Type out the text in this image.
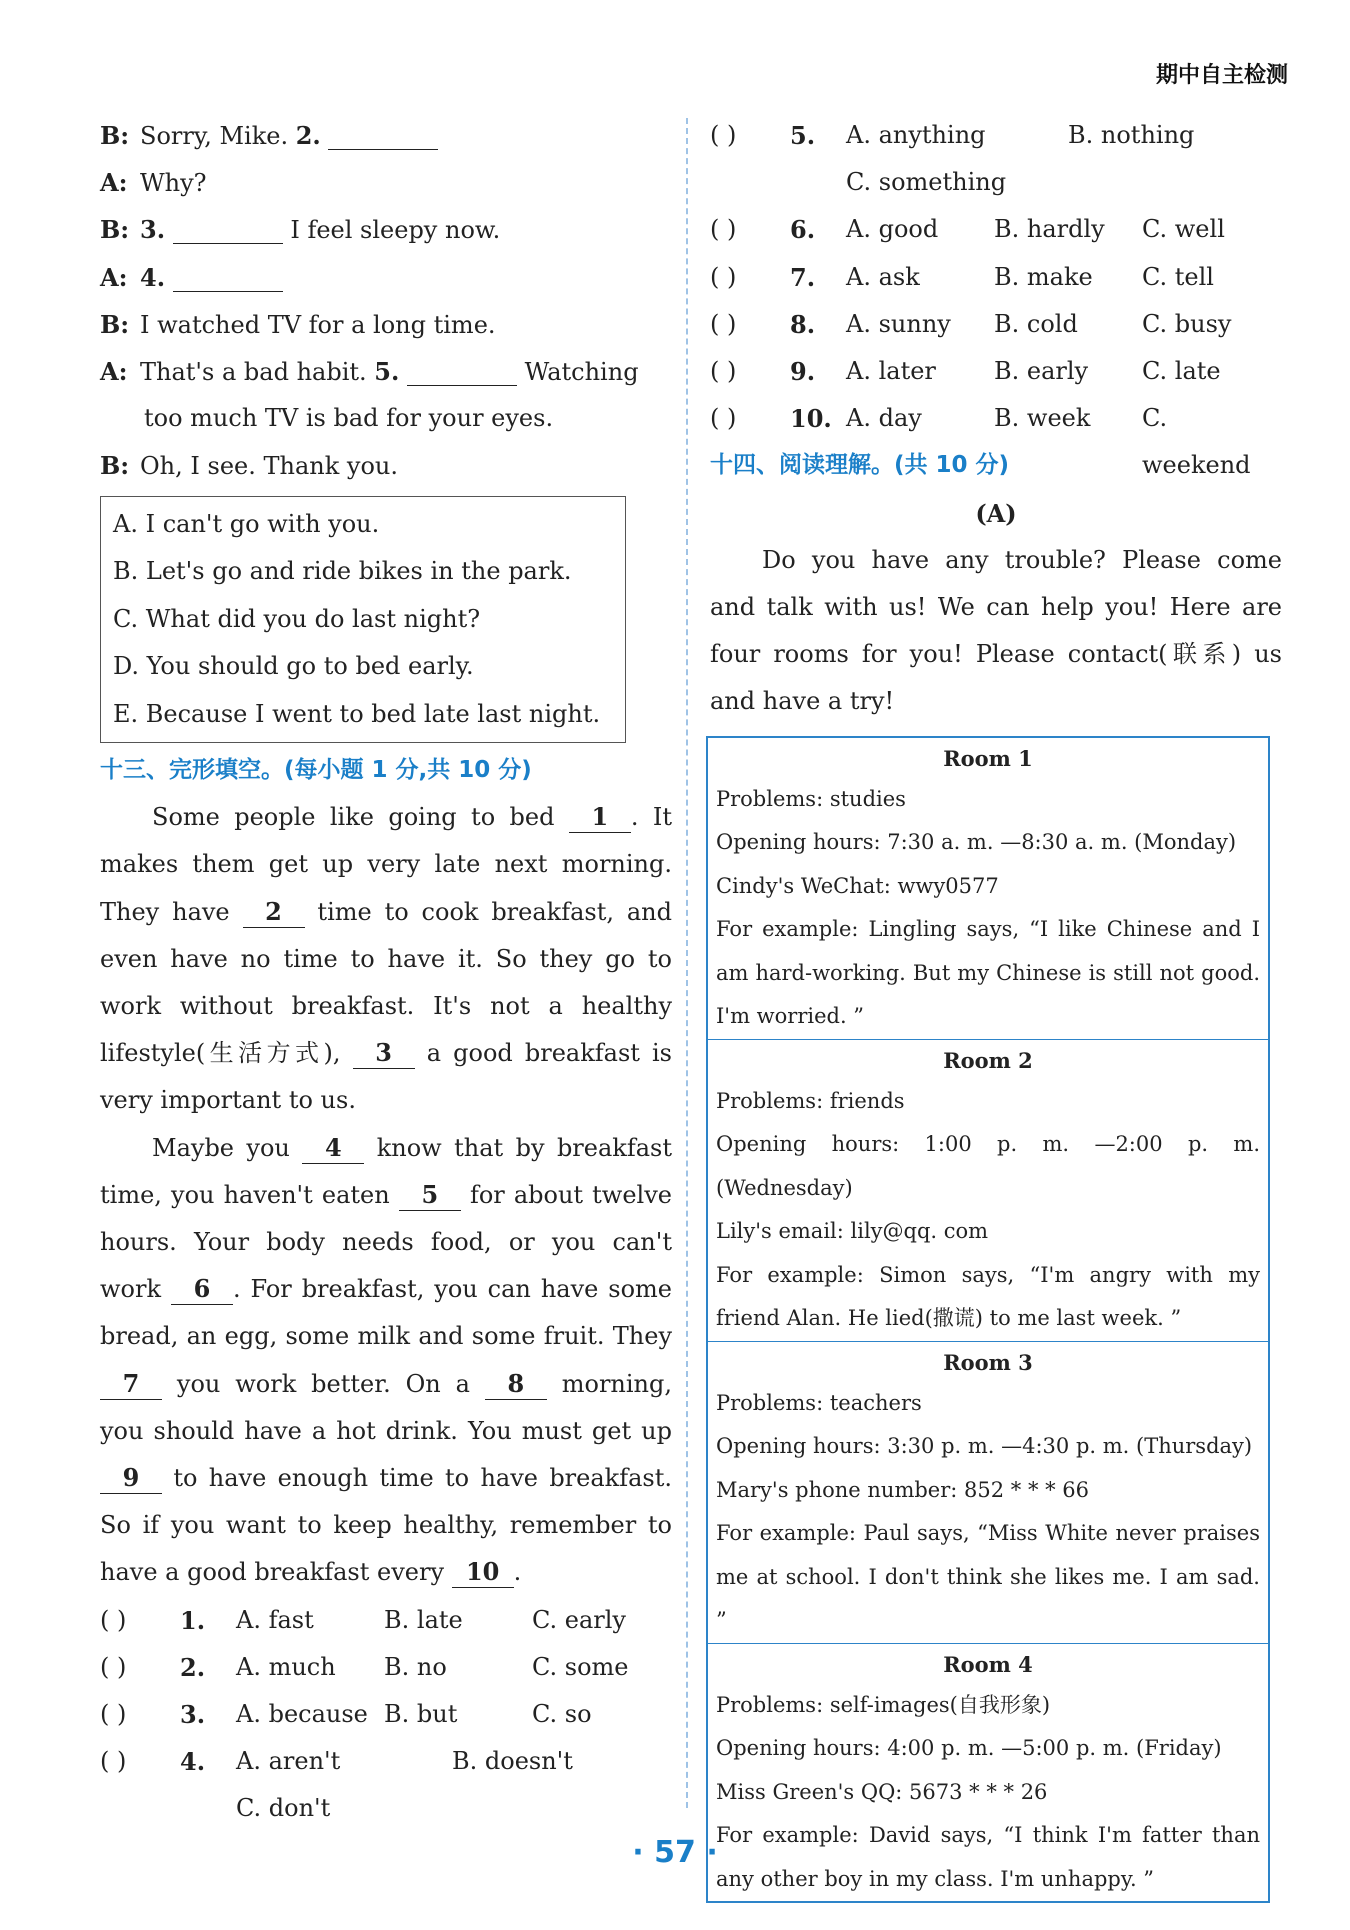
期中自主检测
B: Sorry, Mike. 2.
A: Why?
B: 3.	I feel sleepy now.
A: 4.
B: I watched TV for a long time.
A: That's a bad habit. 5.	Watching
too much TV is bad for your eyes.
B: Oh, I see. Thank you.
A. I can't go with you.
B. Let's go and ride bikes in the park.
C. What did you do last night?
D. You should go to bed early.
E. Because I went to bed late last night.
十三、完形填空。(每小题 1 分,共 10 分)
Some people like going to bed 1 . It makes them get up very late next morning. They have 2 time to cook breakfast, and even have no time to have it. So they go to work without breakfast. It's not a healthy lifestyle(生活方式), 3 a good breakfast is very important to us.
Maybe you 4 know that by breakfast time, you haven't eaten 5 for about twelve hours. Your body needs food, or you can't work 6 . For breakfast, you can have some bread, an egg, some milk and some fruit. They 7 you work better. On a 8 morning, you should have a hot drink. You must get up 9 to have enough time to have breakfast. So if you want to keep healthy, remember to have a good breakfast every 10 .
( )	1.	A. fast	B. late	C. early
( )	2.	A. much	B. no	C. some
( )	3.	A. because B. but	C. so
( )	4.	A. aren't	B. doesn't
C. don't
( )	5.	A. anything	B. nothing
C. something
( )	6.	A. good	B. hardly	C. well
( )	7.	A. ask	B. make	C. tell
( )	8.	A. sunny	B. cold	C. busy
( )	9.	A. later	B. early	C. late
( )	10. A. day	B. week	C. weekend
十四、阅读理解。(共 10 分)
(A)
Do you have any trouble? Please come and talk with us! We can help you! Here are four rooms for you! Please contact(联系) us and have a try!
Room 1
Problems: studies
Opening hours: 7:30 a. m. —8:30 a. m. (Monday)
Cindy's WeChat: wwy0577
For example: Lingling says, “I like Chinese and I am hard-working. But my Chinese is still not good. I'm worried. ”
Room 2
Problems: friends
Opening hours: 1:00 p. m. —2:00 p. m. (Wednesday)
Lily's email: lily@qq. com
For example: Simon says, “I'm angry with my friend Alan. He lied(撒谎) to me last week. ”
Room 3
Problems: teachers
Opening hours: 3:30 p. m. —4:30 p. m. (Thursday)
Mary's phone number: 852 * * * 66
For example: Paul says, “Miss White never praises me at school. I don't think she likes me. I am sad. ”
Room 4
Problems: self-images(自我形象)
Opening hours: 4:00 p. m. —5:00 p. m. (Friday)
Miss Green's QQ: 5673 * * * 26
For example: David says, “I think I'm fatter than any other boy in my class. I'm unhappy. ”
· 57 ·
